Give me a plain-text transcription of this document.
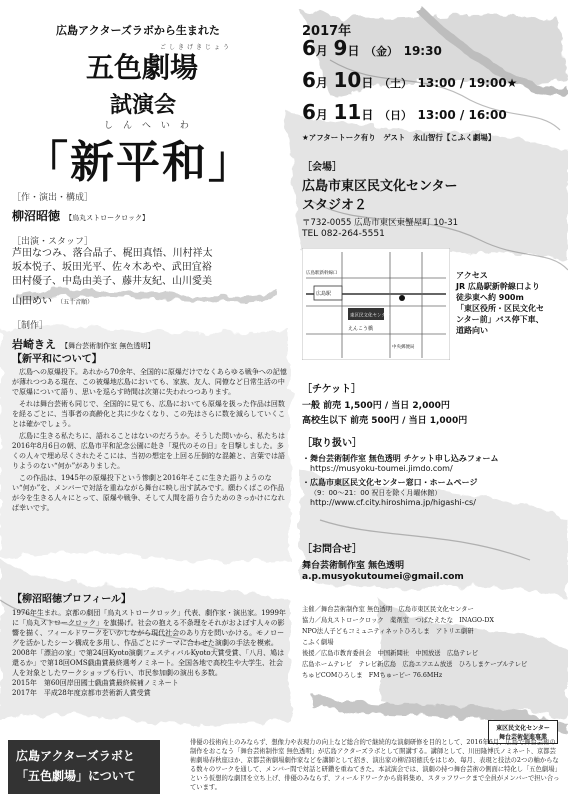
広島アクターズラボから生まれた
ごしきげきじょう
五色劇場
試演会
しんへいわ
「新平和」
［作・演出・構成］
柳沼昭徳 【烏丸ストロークロック】
［出演・スタッフ］
芦田なつみ、落合晶子、梶田真悟、川村祥太
坂本悦子、坂田光平、佐々木あや、武田宜裕
田村優子、中島由美子、藤井友紀、山川愛美
山田めい （五十音順）
［制作］
岩崎きえ 【舞台芸術制作室 無色透明】
【新平和について】

広島への原爆投下。あれから70余年、全国的に原爆だけでなくあらゆる戦争への記憶が薄れつつある現在、この被爆地広島においても、家族、友人、同僚など日常生活の中で原爆について語り、思いを巡らす時間は次第に失われつつあります。

それは舞台芸術も同じで、全国的に見ても、広島においても原爆を扱った作品は回数を経るごとに、当事者の高齢化と共に少なくなり、この先はさらに数を減らしていくことは確かでしょう。

広島に生きる私たちに、語れることはないのだろうか。そうした問いから、私たちは2016年8月6日の朝、広島市平和記念公園に赴き「現代のその日」を目撃しました。多くの人々で埋め尽くされたそこには、当初の想定を上回る圧倒的な混雑と、言葉では語りようのない“何か”がありました。

この作品は、1945年の原爆投下という惨劇と2016年そこに生きた語りようのない“何か”を、メンバーで対話を重ねながら舞台に映し出す試みです。願わくばこの作品が今を生きる人々にとって、原爆や戦争、そして人間を語り合うためのきっかけになれば幸いです。

【柳沼昭徳プロフィール】

1976年生まれ。京都の劇団「烏丸ストロークロック」代表、劇作家・演出家。1999年に「烏丸ストロークロック」を旗揚げ。社会の抱える不条理をそれがおよぼす人々の影響を描く、フィールドワークをいかしながら現代社会のあり方を問いかける。モノローグを活かしたシーン構成を多用し、作品ごとにテーマに合わせた演劇の手法を模索。2008年「漂泊の家」で第24回Kyoto演劇フェスティバルKyoto大賞受賞、「八月、鳩は還るか」で第18回OMS戯曲賞最終選考ノミネート。全国各地で高校生や大学生、社会人を対象としたワークショップも行い、市民参加劇の演出も多数。

2015年　第60回岸田國士戯曲賞最終候補ノミネート
2017年　平成28年度京都市芸術新人賞受賞
2017年
6月 9日 （金） 19:30
6月 10日 （土） 13:00 / 19:00★
6月 11日 （日） 13:00 / 16:00
★アフタートーク有り　ゲスト　永山智行【こふく劇場】
［会場］
広島市東区民文化センター
スタジオ２
〒732-0055 広島市東区東蟹屋町 10-31
TEL 082-264-5551
東区民文化センター
広島駅
広島駅新幹線口
えんこう橋
中央郵便局
アクセス
JR 広島駅新幹線口より
徒歩東へ約 900m
「東区役所・区民文化セ
ンター前」バス停下車、
道路向い
［チケット］
一般 前売 1,500円 / 当日 2,000円
高校生以下 前売 500円 / 当日 1,000円
［取り扱い］
・舞台芸術制作室 無色透明 チケット申し込みフォーム
https://musyoku-toumei.jimdo.com/
・広島市東区民文化センター窓口・ホームページ
（9：00～21：00 祝日を除く月曜休館）
http://www.cf.city.hiroshima.jp/higashi-cs/
［お問合せ］
舞台芸術制作室 無色透明
a.p.musyokutoumei@gmail.com
主催／舞台芸術制作室 無色透明　広島市東区民文化センター
協力／烏丸ストロークロック　薬剤室　つばたえたな　INAGO-DX
NPO法人子どもコミュニティネットひろしま　アトリエ劇研
こふく劇場
後援／広島市教育委員会　中国新聞社　中国放送　広島テレビ
広島ホームテレビ　テレビ新広島　広島エフエム放送　ひろしまケーブルテレビ
ちゅピCOMひろしま　FMちゅーピー 76.6MHz
東区民文化センター
舞台芸術促進事業
広島アクターズラボと
「五色劇場」について

俳優の技術向上のみならず、想像力や表現力の向上など総合的で継続的な演劇研修を目的として、2016年6月、広島で舞台芸術の制作をおこなう「舞台芸術制作室 無色透明」が広島アクターズラボとして開講する。講師として、川田隆博氏ノミネート、京都芸術劇場春秋座ほか、京都芸術劇場劇作家などを講師として招き、演出家の柳沼昭徳氏をはじめ、毎月、表現と技法の2つの軸からなる数々のワークを通して、メンバー間で対話と研鑽を重ねてきた。本試演会では、演劇の持つ舞台芸術の側面に特化し「五色劇場」という仮想的な劇団を立ち上げ、俳優のみならず、フィールドワークから資料集め、スタッフワークまで全員がメンバーで担い合っています。
